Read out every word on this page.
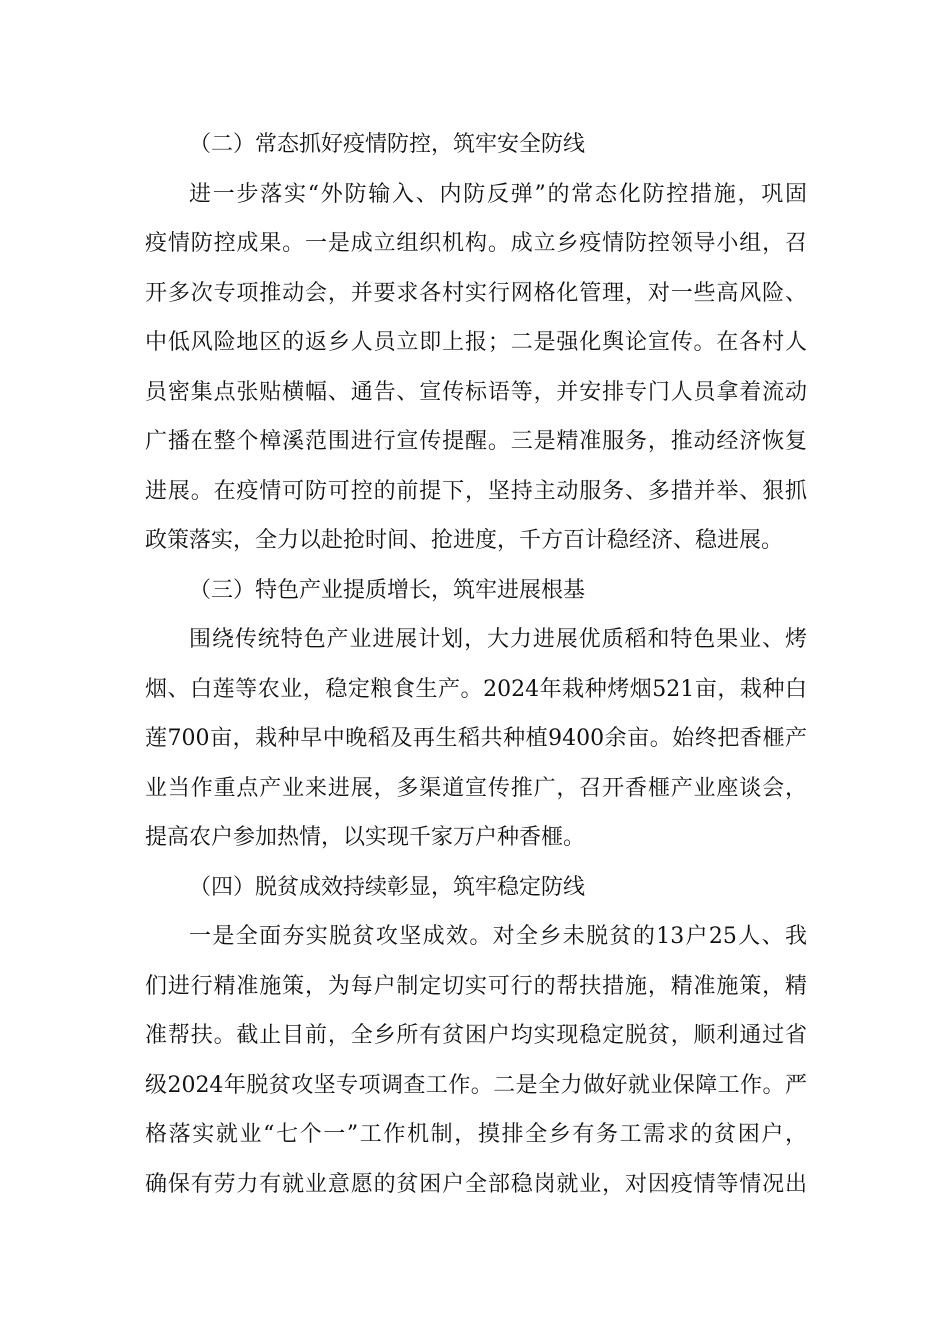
（二）常态抓好疫情防控，筑牢安全防线
进一步落实“外防输入、内防反弹”的常态化防控措施，巩固
疫情防控成果。一是成立组织机构。成立乡疫情防控领导小组，召
开多次专项推动会，并要求各村实行网格化管理，对一些高风险、
中低风险地区的返乡人员立即上报；二是强化舆论宣传。在各村人
员密集点张贴横幅、通告、宣传标语等，并安排专门人员拿着流动
广播在整个樟溪范围进行宣传提醒。三是精准服务，推动经济恢复
进展。在疫情可防可控的前提下，坚持主动服务、多措并举、狠抓
政策落实，全力以赴抢时间、抢进度，千方百计稳经济、稳进展。
（三）特色产业提质增长，筑牢进展根基
围绕传统特色产业进展计划，大力进展优质稻和特色果业、烤
烟、白莲等农业，稳定粮食生产。2024年栽种烤烟521亩，栽种白
莲700亩，栽种早中晚稻及再生稻共种植9400余亩。始终把香榧产
业当作重点产业来进展，多渠道宣传推广，召开香榧产业座谈会，
提高农户参加热情，以实现千家万户种香榧。
（四）脱贫成效持续彰显，筑牢稳定防线
一是全面夯实脱贫攻坚成效。对全乡未脱贫的13户25人、我
们进行精准施策，为每户制定切实可行的帮扶措施，精准施策，精
准帮扶。截止目前，全乡所有贫困户均实现稳定脱贫，顺利通过省
级2024年脱贫攻坚专项调查工作。二是全力做好就业保障工作。严
格落实就业“七个一”工作机制，摸排全乡有务工需求的贫困户，
确保有劳力有就业意愿的贫困户全部稳岗就业，对因疫情等情况出
